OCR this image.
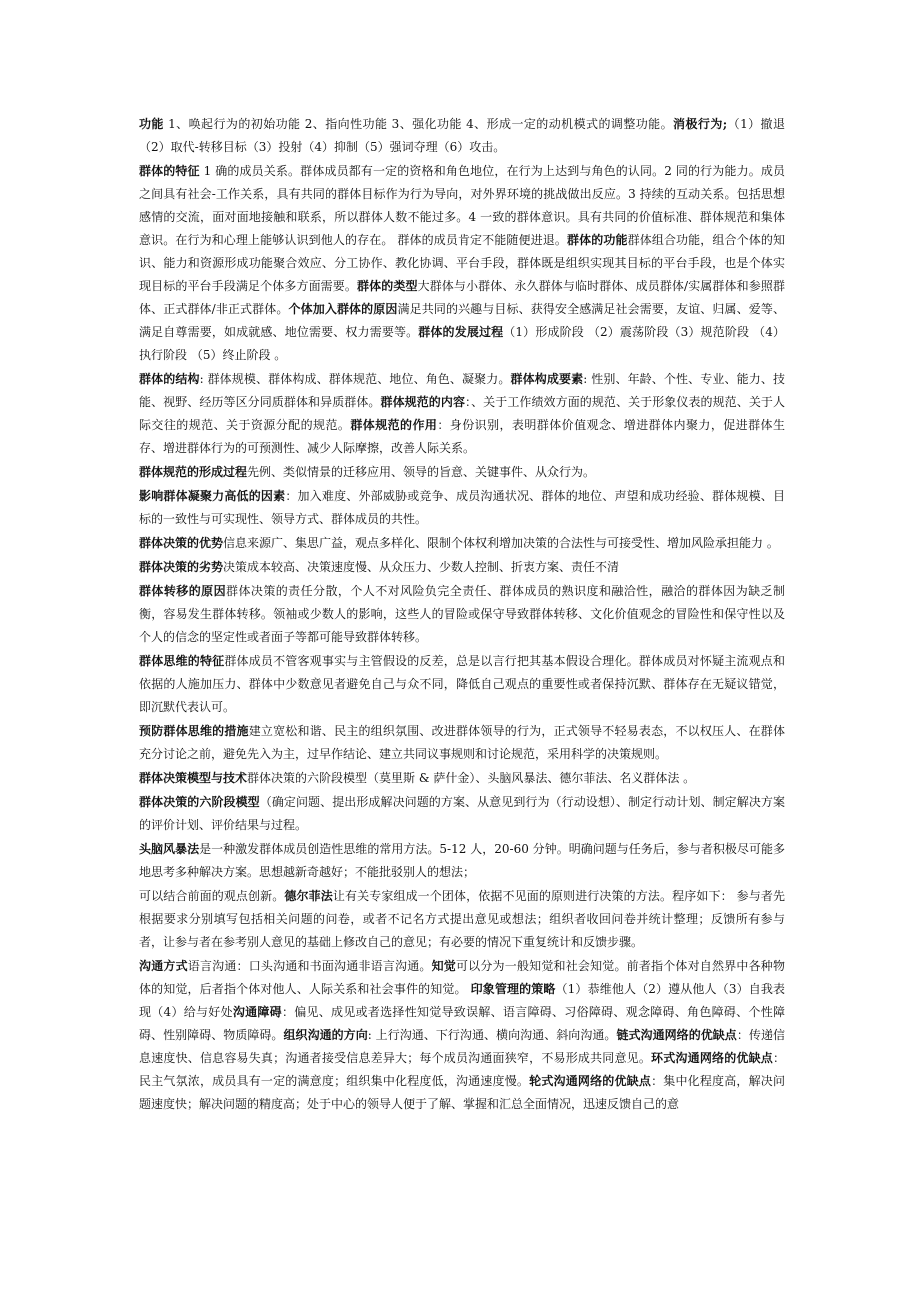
功能 1、唤起行为的初始功能 2、指向性功能 3、强化功能 4、形成一定的动机模式的调整功能。消极行为;（1）撤退（2）取代-转移目标（3）投射（4）抑制（5）强词夺理（6）攻击。

群体的特征 1 确的成员关系。群体成员都有一定的资格和角色地位，在行为上达到与角色的认同。2 同的行为能力。成员之间具有社会-工作关系，具有共同的群体目标作为行为导向，对外界环境的挑战做出反应。3 持续的互动关系。包括思想感情的交流，面对面地接触和联系，所以群体人数不能过多。4 一致的群体意识。具有共同的价值标准、群体规范和集体意识。在行为和心理上能够认识到他人的存在。 群体的成员肯定不能随便进退。群体的功能群体组合功能，组合个体的知识、能力和资源形成功能聚合效应、分工协作、教化协调、平台手段，群体既是组织实现其目标的平台手段，也是个体实现目标的平台手段满足个体多方面需要。群体的类型大群体与小群体、永久群体与临时群体、成员群体/实属群体和参照群体、正式群体/非正式群体。个体加入群体的原因满足共同的兴趣与目标、获得安全感满足社会需要，友谊、归属、爱等、满足自尊需要，如成就感、地位需要、权力需要等。群体的发展过程（1）形成阶段 （2）震荡阶段（3）规范阶段 （4）执行阶段 （5）终止阶段 。

群体的结构: 群体规模、群体构成、群体规范、地位、角色、凝聚力。群体构成要素: 性别、年龄、个性、专业、能力、技能、视野、经历等区分同质群体和异质群体。群体规范的内容：、关于工作绩效方面的规范、关于形象仪表的规范、关于人际交往的规范、关于资源分配的规范。群体规范的作用：身份识别，表明群体价值观念、增进群体内聚力，促进群体生存、增进群体行为的可预测性、减少人际摩擦，改善人际关系。

群体规范的形成过程先例、类似情景的迁移应用、领导的旨意、关键事件、从众行为。

影响群体凝聚力高低的因素：加入难度、外部威胁或竞争、成员沟通状况、群体的地位、声望和成功经验、群体规模、目标的一致性与可实现性、领导方式、群体成员的共性。

群体决策的优势信息来源广、集思广益，观点多样化、限制个体权利增加决策的合法性与可接受性、增加风险承担能力 。

群体决策的劣势决策成本较高、决策速度慢、从众压力、少数人控制、折衷方案、责任不清

群体转移的原因群体决策的责任分散，个人不对风险负完全责任、群体成员的熟识度和融洽性，融洽的群体因为缺乏制衡，容易发生群体转移。领袖或少数人的影响，这些人的冒险或保守导致群体转移、文化价值观念的冒险性和保守性以及个人的信念的坚定性或者面子等都可能导致群体转移。

群体思维的特征群体成员不管客观事实与主管假设的反差，总是以言行把其基本假设合理化。群体成员对怀疑主流观点和依据的人施加压力、群体中少数意见者避免自己与众不同，降低自己观点的重要性或者保持沉默、群体存在无疑议错觉，即沉默代表认可。

预防群体思维的措施建立宽松和谐、民主的组织氛围、改进群体领导的行为，正式领导不轻易表态，不以权压人、在群体充分讨论之前，避免先入为主，过早作结论、建立共同议事规则和讨论规范，采用科学的决策规则。

群体决策模型与技术群体决策的六阶段模型（莫里斯 & 萨什金）、头脑风暴法、德尔菲法、名义群体法 。

群体决策的六阶段模型（确定问题、提出形成解决问题的方案、从意见到行为（行动设想）、制定行动计划、制定解决方案的评价计划、评价结果与过程。

头脑风暴法是一种激发群体成员创造性思维的常用方法。5-12 人，20-60 分钟。明确问题与任务后，参与者积极尽可能多地思考多种解决方案。思想越新奇越好；不能批驳别人的想法；

可以结合前面的观点创新。德尔菲法让有关专家组成一个团体，依据不见面的原则进行决策的方法。程序如下： 参与者先根据要求分别填写包括相关问题的问卷，或者不记名方式提出意见或想法；组织者收回问卷并统计整理；反馈所有参与者，让参与者在参考别人意见的基础上修改自己的意见；有必要的情况下重复统计和反馈步骤。

沟通方式语言沟通：口头沟通和书面沟通非语言沟通。知觉可以分为一般知觉和社会知觉。前者指个体对自然界中各种物体的知觉，后者指个体对他人、人际关系和社会事件的知觉。 印象管理的策略（1）恭维他人（2）遵从他人（3）自我表现（4）给与好处沟通障碍：偏见、成见或者选择性知觉导致误解、语言障碍、习俗障碍、观念障碍、角色障碍、个性障碍、性别障碍、物质障碍。组织沟通的方向: 上行沟通、下行沟通、横向沟通、斜向沟通。链式沟通网络的优缺点：传递信息速度快、信息容易失真；沟通者接受信息差异大；每个成员沟通面狭窄，不易形成共同意见。环式沟通网络的优缺点：民主气氛浓，成员具有一定的满意度；组织集中化程度低，沟通速度慢。轮式沟通网络的优缺点：集中化程度高，解决问题速度快；解决问题的精度高；处于中心的领导人便于了解、掌握和汇总全面情况，迅速反馈自己的意
